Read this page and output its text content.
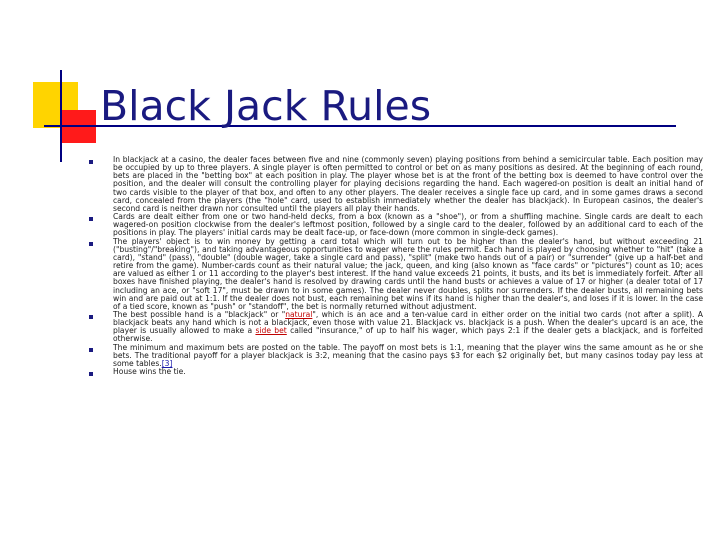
Black Jack Rules
In blackjack at a casino, the dealer faces between five and nine (commonly seven) playing positions from behind a semicircular table. Each position may be occupied by up to three players. A single player is often permitted to control or bet on as many positions as desired. At the beginning of each round, bets are placed in the "betting box" at each position in play. The player whose bet is at the front of the betting box is deemed to have control over the position, and the dealer will consult the controlling player for playing decisions regarding the hand. Each wagered-on position is dealt an initial hand of two cards visible to the player of that box, and often to any other players. The dealer receives a single face up card, and in some games draws a second card, concealed from the players (the "hole" card, used to establish immediately whether the dealer has blackjack). In European casinos, the dealer's second card is neither drawn nor consulted until the players all play their hands.
Cards are dealt either from one or two hand-held decks, from a box (known as a "shoe"), or from a shuffling machine. Single cards are dealt to each wagered-on position clockwise from the dealer's leftmost position, followed by a single card to the dealer, followed by an additional card to each of the positions in play. The players' initial cards may be dealt face-up, or face-down (more common in single-deck games).
The players' object is to win money by getting a card total which will turn out to be higher than the dealer's hand, but without exceeding 21 ("busting"/"breaking"), and taking advantageous opportunities to wager where the rules permit. Each hand is played by choosing whether to "hit" (take a card), "stand" (pass), "double" (double wager, take a single card and pass), "split" (make two hands out of a pair) or "surrender" (give up a half-bet and retire from the game). Number-cards count as their natural value; the jack, queen, and king (also known as "face cards" or "pictures") count as 10; aces are valued as either 1 or 11 according to the player's best interest. If the hand value exceeds 21 points, it busts, and its bet is immediately forfeit. After all boxes have finished playing, the dealer's hand is resolved by drawing cards until the hand busts or achieves a value of 17 or higher (a dealer total of 17 including an ace, or "soft 17", must be drawn to in some games). The dealer never doubles, splits nor surrenders. If the dealer busts, all remaining bets win and are paid out at 1:1. If the dealer does not bust, each remaining bet wins if its hand is higher than the dealer's, and loses if it is lower. In the case of a tied score, known as "push" or "standoff", the bet is normally returned without adjustment.
The best possible hand is a "blackjack" or "natural", which is an ace and a ten-value card in either order on the initial two cards (not after a split). A blackjack beats any hand which is not a blackjack, even those with value 21. Blackjack vs. blackjack is a push. When the dealer's upcard is an ace, the player is usually allowed to make a side bet called "insurance," of up to half his wager, which pays 2:1 if the dealer gets a blackjack, and is forfeited otherwise.
The minimum and maximum bets are posted on the table. The payoff on most bets is 1:1, meaning that the player wins the same amount as he or she bets. The traditional payoff for a player blackjack is 3:2, meaning that the casino pays $3 for each $2 originally bet, but many casinos today pay less at some tables.[3]
House wins the tie.
